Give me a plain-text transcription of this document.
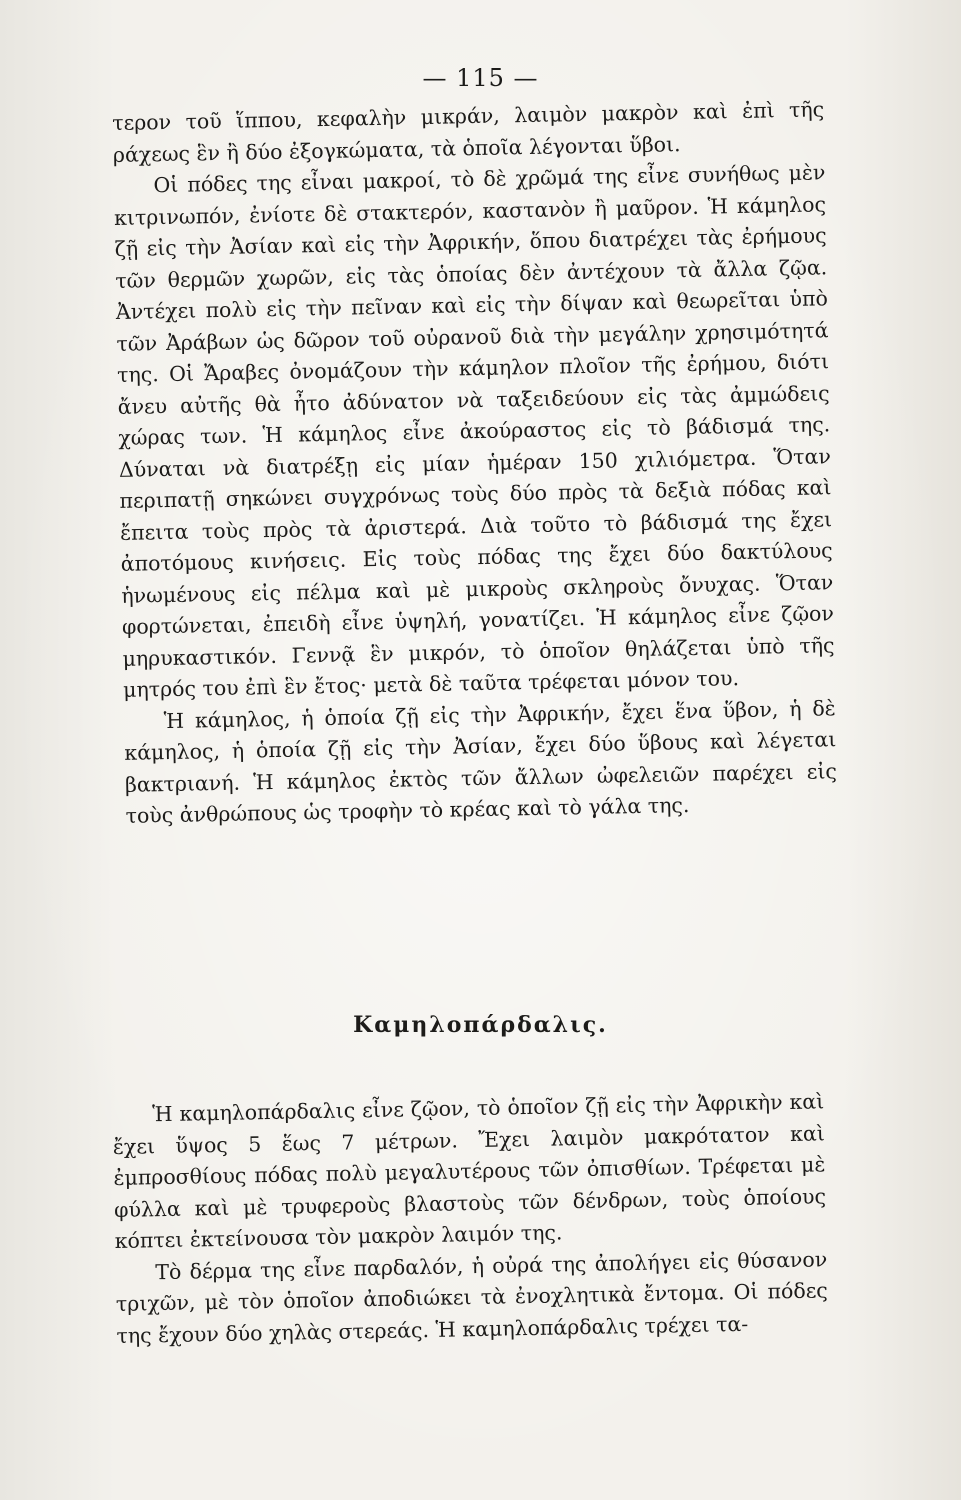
— 115 —

τερον τοῦ ἵππου, κεφαλὴν μικράν, λαιμὸν μακρὸν καὶ ἐπὶ τῆς ράχεως ἓν ἢ δύο ἐξογκώματα, τὰ ὁποῖα λέγονται ὕβοι.

Οἱ πόδες της εἶναι μακροί, τὸ δὲ χρῶμά της εἶνε συνήθως μὲν κιτρινωπόν, ἐνίοτε δὲ στακτερόν, καστανὸν ἢ μαῦρον. Ἡ κάμηλος ζῇ εἰς τὴν Ἀσίαν καὶ εἰς τὴν Ἀφρικήν, ὅπου διατρέχει τὰς ἐρήμους τῶν θερμῶν χωρῶν, εἰς τὰς ὁποίας δὲν ἀντέχουν τὰ ἄλλα ζῷα. Ἀντέχει πολὺ εἰς τὴν πεῖναν καὶ εἰς τὴν δίψαν καὶ θεωρεῖται ὑπὸ τῶν Ἀράβων ὡς δῶρον τοῦ οὐρανοῦ διὰ τὴν μεγάλην χρησιμότητά της. Οἱ Ἄραβες ὀνομάζουν τὴν κάμηλον πλοῖον τῆς ἐρήμου, διότι ἄνευ αὐτῆς θὰ ἦτο ἀδύνατον νὰ ταξειδεύουν εἰς τὰς ἀμμώδεις χώρας των. Ἡ κάμηλος εἶνε ἀκούραστος εἰς τὸ βάδισμά της. Δύναται νὰ διατρέξῃ εἰς μίαν ἡμέραν 150 χιλιόμετρα. Ὅταν περιπατῇ σηκώνει συγχρόνως τοὺς δύο πρὸς τὰ δεξιὰ πόδας καὶ ἔπειτα τοὺς πρὸς τὰ ἀριστερά. Διὰ τοῦτο τὸ βάδισμά της ἔχει ἀποτόμους κινήσεις. Εἰς τοὺς πόδας της ἔχει δύο δακτύλους ἡνωμένους εἰς πέλμα καὶ μὲ μικροὺς σκληροὺς ὄνυχας. Ὅταν φορτώνεται, ἐπειδὴ εἶνε ὑψηλή, γονατίζει. Ἡ κάμηλος εἶνε ζῷον μηρυκαστικόν. Γεννᾷ ἓν μικρόν, τὸ ὁποῖον θηλάζεται ὑπὸ τῆς μητρός του ἐπὶ ἓν ἔτος· μετὰ δὲ ταῦτα τρέφεται μόνον του.

Ἡ κάμηλος, ἡ ὁποία ζῇ εἰς τὴν Ἀφρικήν, ἔχει ἕνα ὕβον, ἡ δὲ κάμηλος, ἡ ὁποία ζῇ εἰς τὴν Ἀσίαν, ἔχει δύο ὕβους καὶ λέγεται βακτριανή. Ἡ κάμηλος ἐκτὸς τῶν ἄλλων ὠφελειῶν παρέχει εἰς τοὺς ἀνθρώπους ὡς τροφὴν τὸ κρέας καὶ τὸ γάλα της.

Καμηλοπάρδαλις.

Ἡ καμηλοπάρδαλις εἶνε ζῷον, τὸ ὁποῖον ζῇ εἰς τὴν Ἀφρικὴν καὶ ἔχει ὕψος 5 ἕως 7 μέτρων. Ἔχει λαιμὸν μακρότατον καὶ ἐμπροσθίους πόδας πολὺ μεγαλυτέρους τῶν ὀπισθίων. Τρέφεται μὲ φύλλα καὶ μὲ τρυφεροὺς βλαστοὺς τῶν δένδρων, τοὺς ὁποίους κόπτει ἐκτείνουσα τὸν μακρὸν λαιμόν της.

Τὸ δέρμα της εἶνε παρδαλόν, ἡ οὐρά της ἀπολήγει εἰς θύσανον τριχῶν, μὲ τὸν ὁποῖον ἀποδιώκει τὰ ἐνοχλητικὰ ἔντομα. Οἱ πόδες της ἔχουν δύο χηλὰς στερεάς. Ἡ καμηλοπάρδαλις τρέχει τα-
